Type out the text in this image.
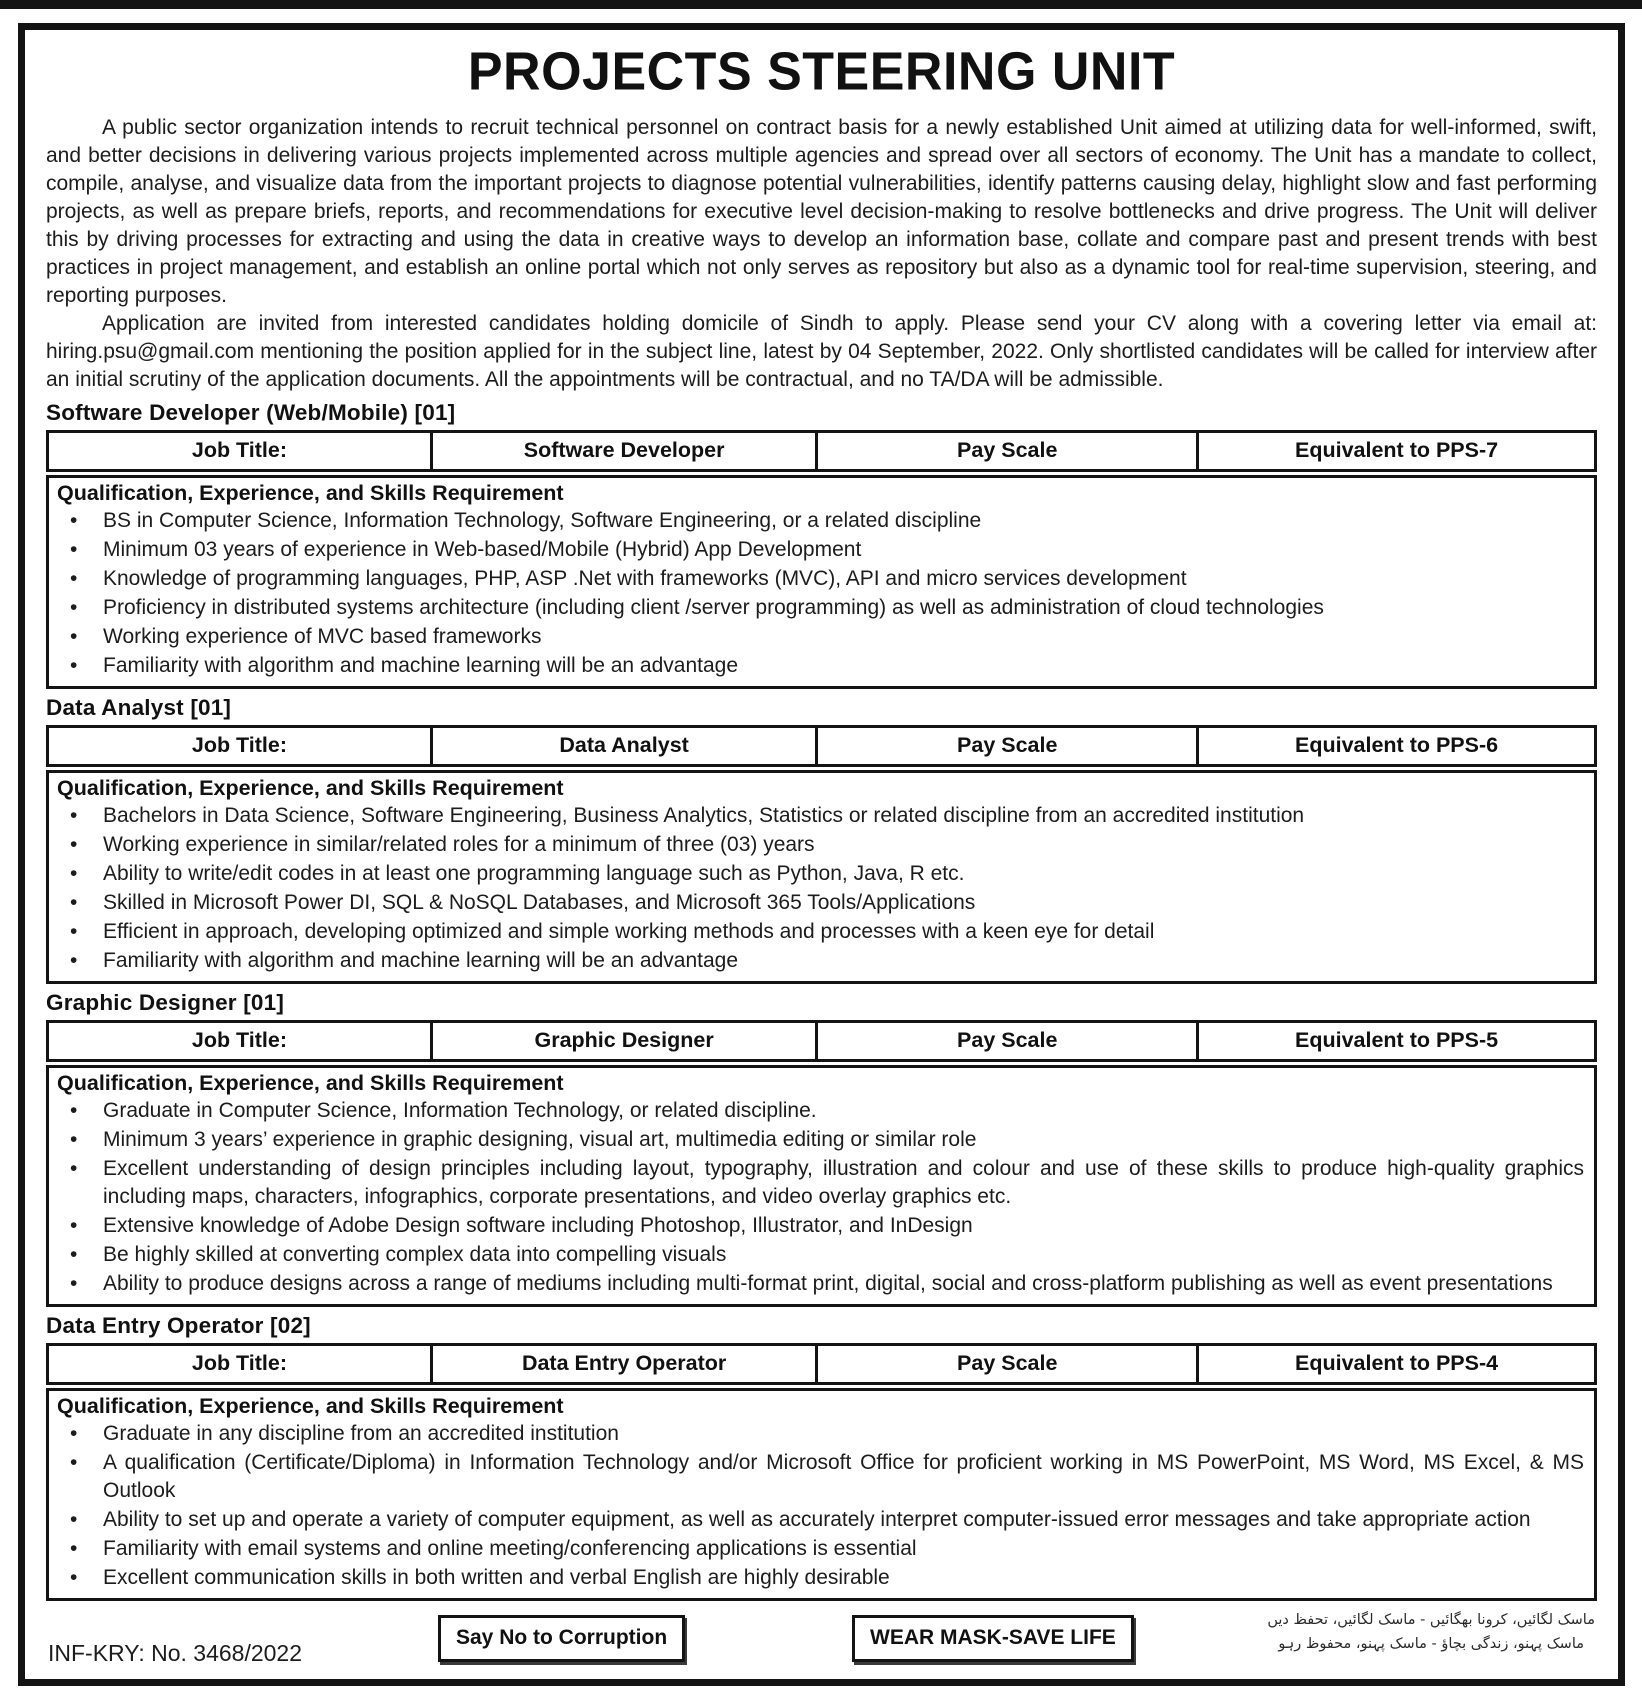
PROJECTS STEERING UNIT

A public sector organization intends to recruit technical personnel on contract basis for a newly established Unit aimed at utilizing data for well-informed, swift, and better decisions in delivering various projects implemented across multiple agencies and spread over all sectors of economy. The Unit has a mandate to collect, compile, analyse, and visualize data from the important projects to diagnose potential vulnerabilities, identify patterns causing delay, highlight slow and fast performing projects, as well as prepare briefs, reports, and recommendations for executive level decision-making to resolve bottlenecks and drive progress. The Unit will deliver this by driving processes for extracting and using the data in creative ways to develop an information base, collate and compare past and present trends with best practices in project management, and establish an online portal which not only serves as repository but also as a dynamic tool for real-time supervision, steering, and reporting purposes.

Application are invited from interested candidates holding domicile of Sindh to apply. Please send your CV along with a covering letter via email at: hiring.psu@gmail.com mentioning the position applied for in the subject line, latest by 04 September, 2022. Only shortlisted candidates will be called for interview after an initial scrutiny of the application documents. All the appointments will be contractual, and no TA/DA will be admissible.

Software Developer (Web/Mobile) [01]
Job Title:	Software Developer	Pay Scale	Equivalent to PPS-7
Qualification, Experience, and Skills Requirement
• BS in Computer Science, Information Technology, Software Engineering, or a related discipline
• Minimum 03 years of experience in Web-based/Mobile (Hybrid) App Development
• Knowledge of programming languages, PHP, ASP .Net with frameworks (MVC), API and micro services development
• Proficiency in distributed systems architecture (including client /server programming) as well as administration of cloud technologies
• Working experience of MVC based frameworks
• Familiarity with algorithm and machine learning will be an advantage
Data Analyst [01]
Job Title:	Data Analyst	Pay Scale	Equivalent to PPS-6
Qualification, Experience, and Skills Requirement
• Bachelors in Data Science, Software Engineering, Business Analytics, Statistics or related discipline from an accredited institution
• Working experience in similar/related roles for a minimum of three (03) years
• Ability to write/edit codes in at least one programming language such as Python, Java, R etc.
• Skilled in Microsoft Power DI, SQL & NoSQL Databases, and Microsoft 365 Tools/Applications
• Efficient in approach, developing optimized and simple working methods and processes with a keen eye for detail
• Familiarity with algorithm and machine learning will be an advantage
Graphic Designer [01]
Job Title:	Graphic Designer	Pay Scale	Equivalent to PPS-5
Qualification, Experience, and Skills Requirement
• Graduate in Computer Science, Information Technology, or related discipline.
• Minimum 3 years’ experience in graphic designing, visual art, multimedia editing or similar role
• Excellent understanding of design principles including layout, typography, illustration and colour and use of these skills to produce high-quality graphics including maps, characters, infographics, corporate presentations, and video overlay graphics etc.
• Extensive knowledge of Adobe Design software including Photoshop, Illustrator, and InDesign
• Be highly skilled at converting complex data into compelling visuals
• Ability to produce designs across a range of mediums including multi-format print, digital, social and cross-platform publishing as well as event presentations
Data Entry Operator [02]
Job Title:	Data Entry Operator	Pay Scale	Equivalent to PPS-4
Qualification, Experience, and Skills Requirement
• Graduate in any discipline from an accredited institution
• A qualification (Certificate/Diploma) in Information Technology and/or Microsoft Office for proficient working in MS PowerPoint, MS Word, MS Excel, & MS Outlook
• Ability to set up and operate a variety of computer equipment, as well as accurately interpret computer-issued error messages and take appropriate action
• Familiarity with email systems and online meeting/conferencing applications is essential
• Excellent communication skills in both written and verbal English are highly desirable
INF-KRY: No. 3468/2022
Say No to Corruption	WEAR MASK-SAVE LIFE
ماسک لگائیں، کرونا بھگائیں - ماسک لگائیں، تحفظ دیں
ماسک پہنو، زندگی بچاؤ - ماسک پہنو، محفوظ رہو
